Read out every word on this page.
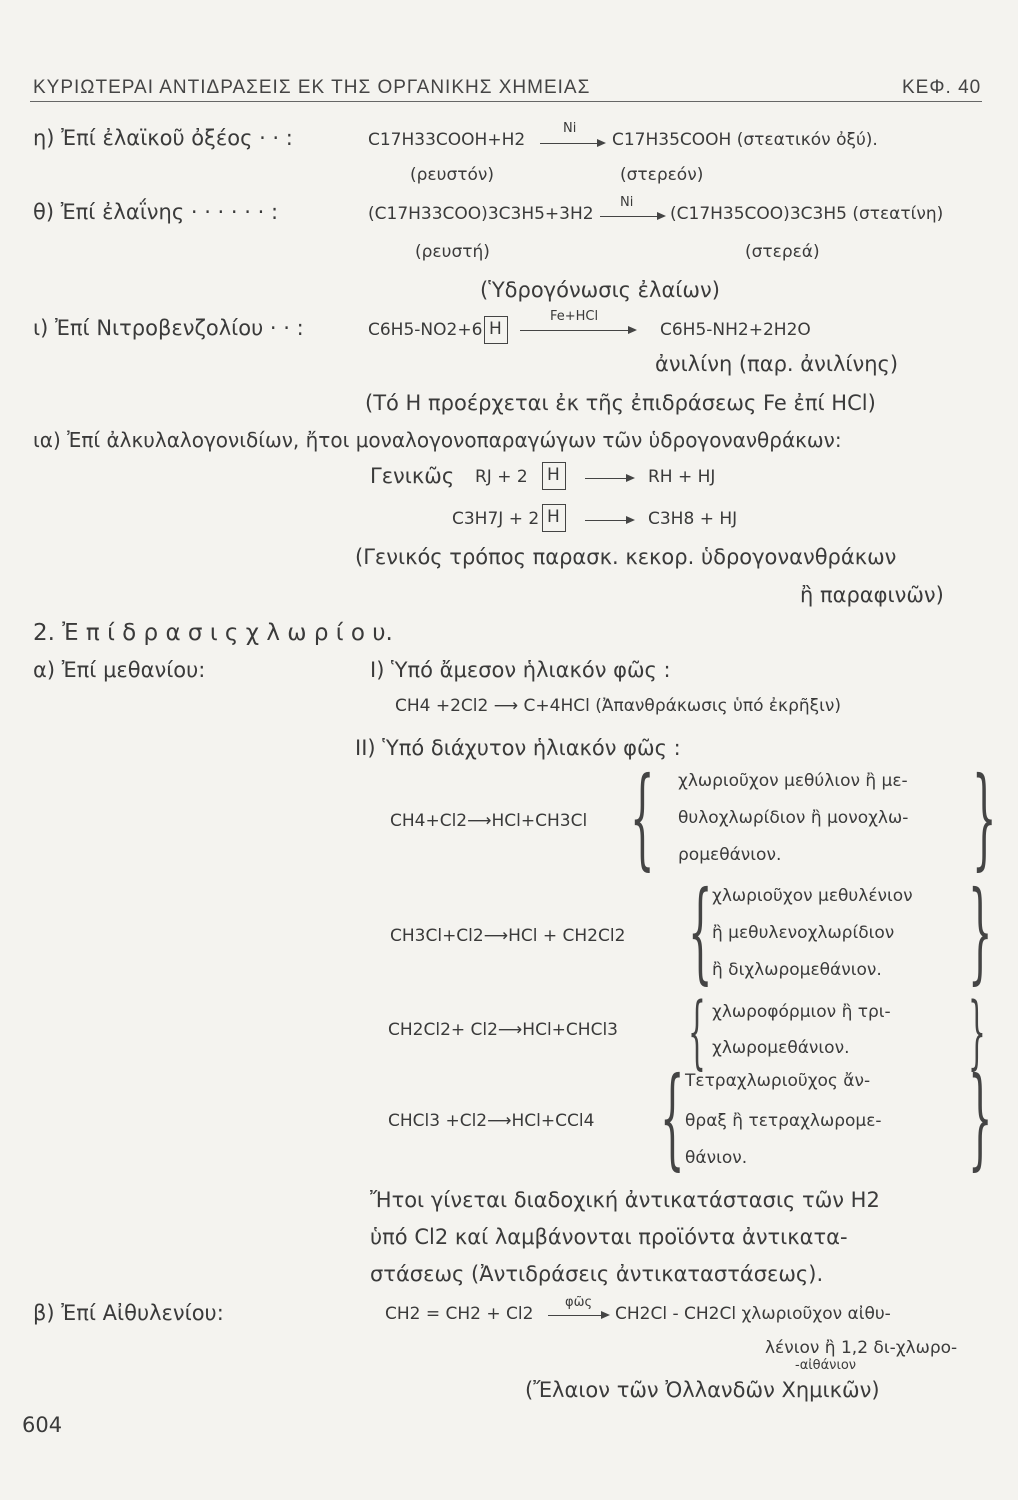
ΚΥΡΙΩΤΕΡΑΙ ΑΝΤΙΔΡΑΣΕΙΣ ΕΚ ΤΗΣ ΟΡΓΑΝΙΚΗΣ ΧΗΜΕΙΑΣ	ΚΕΦ. 40
η) Ἐπί ἐλαϊκοῦ ὀξέος · · :	C17H33COOH+H2
Ni
→ C17H35COOH (στεατικόν ὀξύ).
(ρευστόν)	(στερεόν)
θ) Ἐπί ἐλαΐνης · · · · · · :	(C17H33COO)3C3H5+3H2
Ni
→ (C17H35COO)3C3H5 (στεατίνη)
(ρευστή)	(στερεά)
(Ὑδρογόνωσις ἐλαίων)
ι) Ἐπί Νιτροβενζολίου · · :	C6H5-NO2+6 H
Fe+HCl
C6H5-NH2+2H2O
ἀνιλίνη (παρ. ἀνιλίνης)
(Τό H προέρχεται ἐκ τῆς ἐπιδράσεως Fe ἐπί HCl)
ια) Ἐπί ἀλκυλαλογονιδίων, ἤτοι μοναλογονοπαραγώγων τῶν ὑδρογονανθράκων:
Γενικῶς RJ + 2 H → RH + HJ
C3H7J + 2 H → C3H8 + HJ
(Γενικός τρόπος παρασκ. κεκορ. ὑδρογονανθράκων
ἢ παραφινῶν)
2. Ἐ π ί δ ρ α σ ι ς χ λ ω ρ ί ο υ.
α) Ἐπί μεθανίου:	I) Ὑπό ἄμεσον ἡλιακόν φῶς :
CH4 +2Cl2 ⟶ C+4HCl (Ἀπανθράκωσις ὑπό ἐκρῆξιν)
II) Ὑπό διάχυτον ἡλιακόν φῶς :
CH4+Cl2⟶HCl+CH3Cl { χλωριοῦχον μεθύλιον ἢ με-
θυλοχλωρίδιον ἢ μονοχλω-
ρομεθάνιον. }
CH3Cl+Cl2⟶HCl + CH2Cl2 { χλωριοῦχον μεθυλένιον
ἢ μεθυλενοχλωρίδιον
ἢ διχλωρομεθάνιον. }
CH2Cl2+ Cl2⟶HCl+CHCl3 { χλωροφόρμιον ἢ τρι-
χλωρομεθάνιον. }
CHCl3 +Cl2⟶HCl+CCl4 { Τετραχλωριοῦχος ἄν-
θραξ ἢ τετραχλωρομε-
θάνιον. }
Ἤτοι γίνεται διαδοχική ἀντικατάστασις τῶν H2
ὑπό Cl2 καί λαμβάνονται προϊόντα ἀντικατα-
στάσεως (Ἀντιδράσεις ἀντικαταστάσεως).
β) Ἐπί Αἰθυλενίου:	CH2 = CH2 + Cl2
φῶς
→ CH2Cl - CH2Cl χλωριοῦχον αἰθυ-
λένιον ἢ 1,2 δι-χλωρο-
-αἰθάνιον
(Ἔλαιον τῶν Ὀλλανδῶν Χημικῶν)
604
